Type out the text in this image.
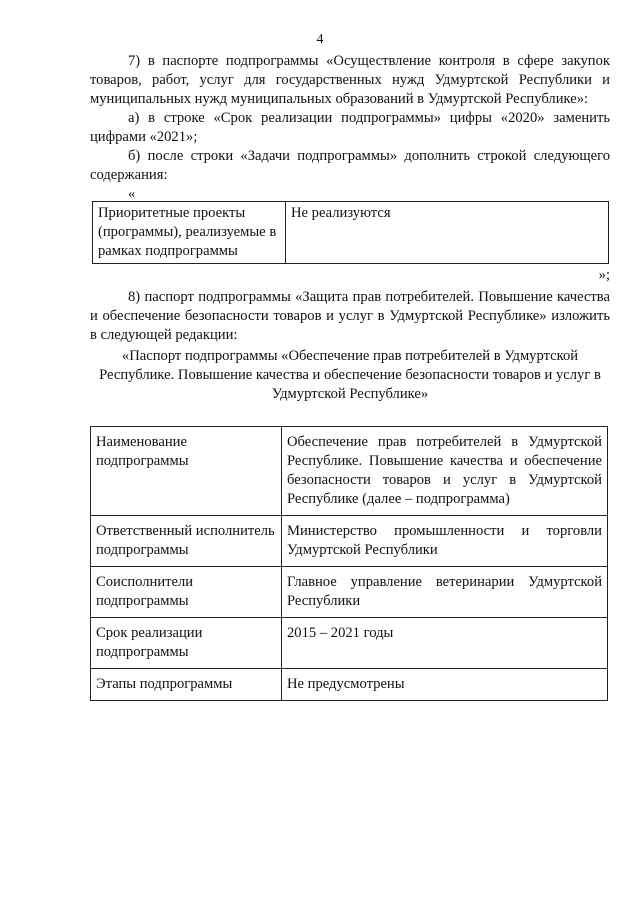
4

7) в паспорте подпрограммы «Осуществление контроля в сфере закупок товаров, работ, услуг для государственных нужд Удмуртской Республики и муниципальных нужд муниципальных образований в Удмуртской Республике»:

а) в строке «Срок реализации подпрограммы» цифры «2020» заменить цифрами «2021»;

б) после строки «Задачи подпрограммы» дополнить строкой следующего содержания:

«
Приоритетные проекты (программы), реализуемые в рамках подпрограммы	Не реализуются
»;

8) паспорт подпрограммы «Защита прав потребителей. Повышение качества и обеспечение безопасности товаров и услуг в Удмуртской Республике» изложить в следующей редакции:

«Паспорт подпрограммы «Обеспечение прав потребителей в Удмуртской Республике. Повышение качества и обеспечение безопасности товаров и услуг в Удмуртской Республике»
Наименование подпрограммы	Обеспечение прав потребителей в Удмуртской Республике. Повышение качества и обеспечение безопасности товаров и услуг в Удмуртской Республике (далее – подпрограмма)
Ответственный исполнитель подпрограммы	Министерство промышленности и торговли Удмуртской Республики
Соисполнители подпрограммы	Главное управление ветеринарии Удмуртской Республики
Срок реализации подпрограммы	2015 – 2021 годы
Этапы подпрограммы	Не предусмотрены
